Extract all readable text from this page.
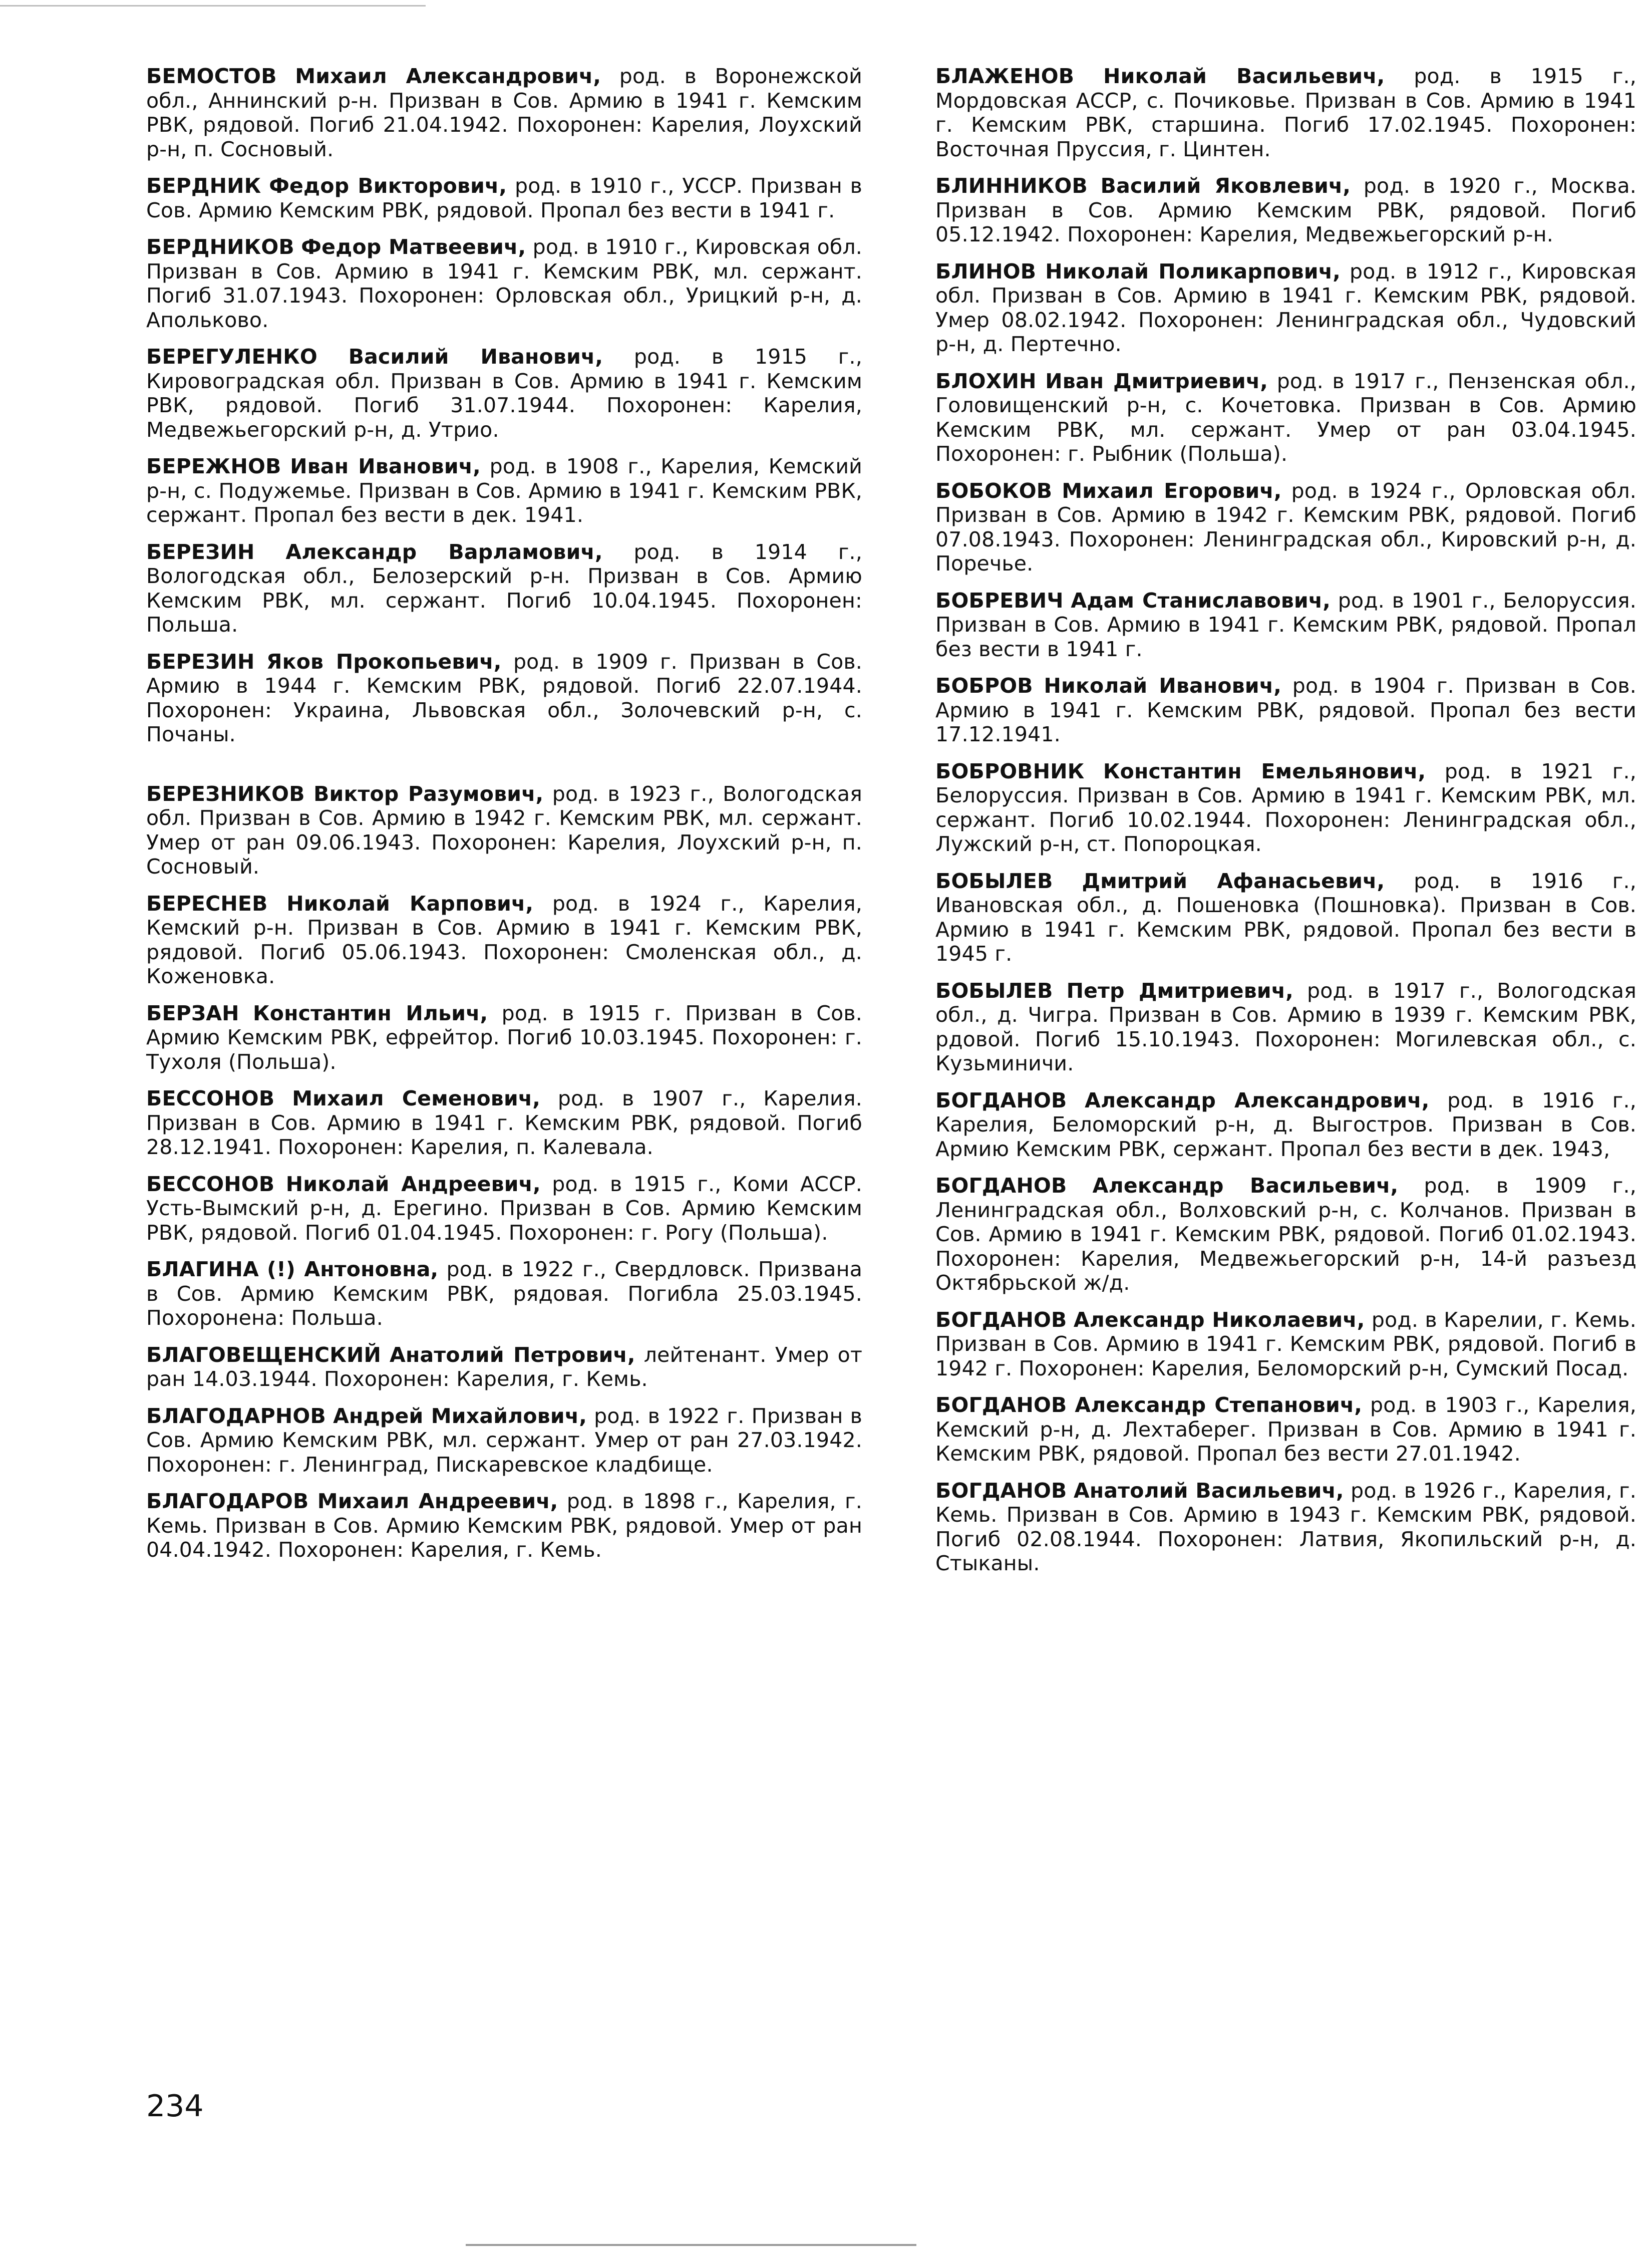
БЕМОСТОВ Михаил Александрович, род. в Воронежской обл., Аннинский р-н. Призван в Сов. Армию в 1941 г. Кемским РВК, рядовой. Погиб 21.04.1942. Похоронен: Карелия, Лоухский р-н, п. Сосновый.

БЕРДНИК Федор Викторович, род. в 1910 г., УССР. Призван в Сов. Армию Кемским РВК, рядовой. Пропал без вести в 1941 г.

БЕРДНИКОВ Федор Матвеевич, род. в 1910 г., Кировская обл. Призван в Сов. Армию в 1941 г. Кемским РВК, мл. сержант. Погиб 31.07.1943. Похоронен: Орловская обл., Урицкий р-н, д. Аполькoво.

БЕРЕГУЛЕНКО Василий Иванович, род. в 1915 г., Кировоградская обл. Призван в Сов. Армию в 1941 г. Кемским РВК, рядовой. Погиб 31.07.1944. Похоронен: Карелия, Медвежьегорский р-н, д. Утрио.

БЕРЕЖНОВ Иван Иванович, род. в 1908 г., Карелия, Кемский р-н, с. Подужемье. Призван в Сов. Армию в 1941 г. Кемским РВК, сержант. Пропал без вести в дек. 1941.

БЕРЕЗИН Александр Варламович, род. в 1914 г., Вологодская обл., Белозерский р-н. Призван в Сов. Армию Кемским РВК, мл. сержант. Погиб 10.04.1945. Похоронен: Польша.

БЕРЕЗИН Яков Прокопьевич, род. в 1909 г. Призван в Сов. Армию в 1944 г. Кемским РВК, рядовой. Погиб 22.07.1944. Похоронен: Украина, Львовская обл., Золочевский р-н, с. Почаны.

БЕРЕЗНИКОВ Виктор Разумович, род. в 1923 г., Вологодская обл. Призван в Сов. Армию в 1942 г. Кемским РВК, мл. сержант. Умер от ран 09.06.1943. Похоронен: Карелия, Лоухский р-н, п. Сосновый.

БЕРЕСНЕВ Николай Карпович, род. в 1924 г., Карелия, Кемский р-н. Призван в Сов. Армию в 1941 г. Кемским РВК, рядовой. Погиб 05.06.1943. Похоронен: Смоленская обл., д. Коженовка.

БЕРЗАН Константин Ильич, род. в 1915 г. Призван в Сов. Армию Кемским РВК, ефрейтор. Погиб 10.03.1945. Похоронен: г. Тухоля (Польша).

БЕССОНОВ Михаил Семенович, род. в 1907 г., Карелия. Призван в Сов. Армию в 1941 г. Кемским РВК, рядовой. Погиб 28.12.1941. Похоронен: Карелия, п. Калевала.

БЕССОНОВ Николай Андреевич, род. в 1915 г., Коми АССР. Усть-Вымский р-н, д. Ерегино. Призван в Сов. Армию Кемским РВК, рядовой. Погиб 01.04.1945. Похоронен: г. Рогу (Польша).

БЛАГИНА (!) Антоновна, род. в 1922 г., Свердловск. Призвана в Сов. Армию Кемским РВК, рядовая. Погибла 25.03.1945. Похоронена: Польша.

БЛАГОВЕЩЕНСКИЙ Анатолий Петрович, лейтенант. Умер от ран 14.03.1944. Похоронен: Карелия, г. Кемь.

БЛАГОДАРНОВ Андрей Михайлович, род. в 1922 г. Призван в Сов. Армию Кемским РВК, мл. сержант. Умер от ран 27.03.1942. Похоронен: г. Ленинград, Пискаревское кладбище.

БЛАГОДАРОВ Михаил Андреевич, род. в 1898 г., Карелия, г. Кемь. Призван в Сов. Армию Кемским РВК, рядовой. Умер от ран 04.04.1942. Похоронен: Карелия, г. Кемь.

БЛАЖЕНОВ Николай Васильевич, род. в 1915 г., Мордовская АССР, с. Почиковье. Призван в Сов. Армию в 1941 г. Кемским РВК, старшина. Погиб 17.02.1945. Похоронен: Восточная Пруссия, г. Цинтен.

БЛИННИКОВ Василий Яковлевич, род. в 1920 г., Москва. Призван в Сов. Армию Кемским РВК, рядовой. Погиб 05.12.1942. Похоронен: Карелия, Медвежьегорский р-н.

БЛИНОВ Николай Поликарпович, род. в 1912 г., Кировская обл. Призван в Сов. Армию в 1941 г. Кемским РВК, рядовой. Умер 08.02.1942. Похоронен: Ленинградская обл., Чудовский р-н, д. Пертечно.

БЛОХИН Иван Дмитриевич, род. в 1917 г., Пензенская обл., Головищенский р-н, с. Кочетовка. Призван в Сов. Армию Кемским РВК, мл. сержант. Умер от ран 03.04.1945. Похоронен: г. Рыбник (Польша).

БОБОКОВ Михаил Егорович, род. в 1924 г., Орловская обл. Призван в Сов. Армию в 1942 г. Кемским РВК, рядовой. Погиб 07.08.1943. Похоронен: Ленинградская обл., Кировский р-н, д. Поречье.

БОБРЕВИЧ Адам Станиславович, род. в 1901 г., Белоруссия. Призван в Сов. Армию в 1941 г. Кемским РВК, рядовой. Пропал без вести в 1941 г.

БОБРОВ Николай Иванович, род. в 1904 г. Призван в Сов. Армию в 1941 г. Кемским РВК, рядовой. Пропал без вести 17.12.1941.

БОБРОВНИК Константин Емельянович, род. в 1921 г., Белоруссия. Призван в Сов. Армию в 1941 г. Кемским РВК, мл. сержант. Погиб 10.02.1944. Похоронен: Ленинградская обл., Лужский р-н, ст. Попороцкая.

БОБЫЛЕВ Дмитрий Афанасьевич, род. в 1916 г., Ивановская обл., д. Пошеновка (Пошновка). Призван в Сов. Армию в 1941 г. Кемским РВК, рядовой. Пропал без вести в 1945 г.

БОБЫЛЕВ Петр Дмитриевич, род. в 1917 г., Вологодская обл., д. Чигра. Призван в Сов. Армию в 1939 г. Кемским РВК, рдовой. Погиб 15.10.1943. Похоронен: Могилевская обл., с. Кузьминичи.

БОГДАНОВ Александр Александрович, род. в 1916 г., Карелия, Беломорский р-н, д. Выгостров. Призван в Сов. Армию Кемским РВК, сержант. Пропал без вести в дек. 1943,

БОГДАНОВ Александр Васильевич, род. в 1909 г., Ленинградская обл., Волховский р-н, с. Колчанов. Призван в Сов. Армию в 1941 г. Кемским РВК, рядовой. Погиб 01.02.1943. Похоронен: Карелия, Медвежьегорский р-н, 14-й разъезд Октябрьской ж/д.

БОГДАНОВ Александр Николаевич, род. в Карелии, г. Кемь. Призван в Сов. Армию в 1941 г. Кемским РВК, рядовой. Погиб в 1942 г. Похоронен: Карелия, Беломорский р-н, Сумский Посад.

БОГДАНОВ Александр Степанович, род. в 1903 г., Карелия, Кемский р-н, д. Лехтаберег. Призван в Сов. Армию в 1941 г. Кемским РВК, рядовой. Пропал без вести 27.01.1942.

БОГДАНОВ Анатолий Васильевич, род. в 1926 г., Карелия, г. Кемь. Призван в Сов. Армию в 1943 г. Кемским РВК, рядовой. Погиб 02.08.1944. Похоронен: Латвия, Якопильский р-н, д. Стыканы.

234
